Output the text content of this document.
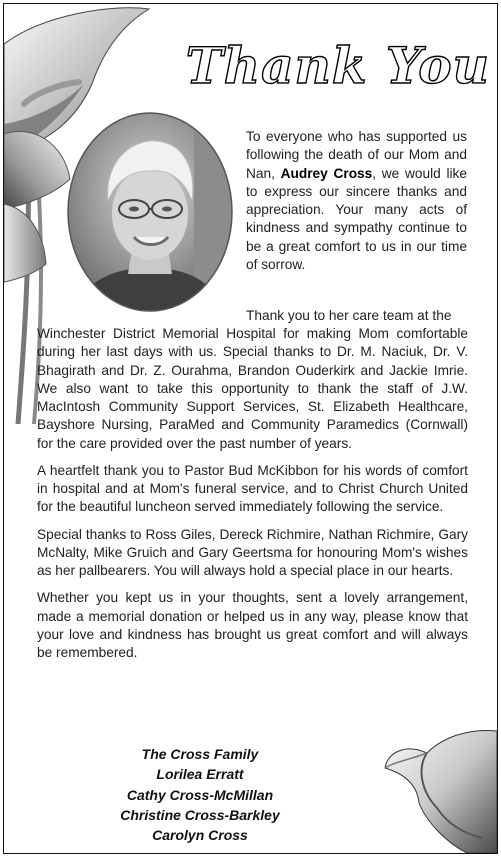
Thank You
To everyone who has supported us following the death of our Mom and Nan, Audrey Cross, we would like to express our sincere thanks and appreciation. Your many acts of kindness and sympathy continue to be a great comfort to us in our time of sorrow.
Thank you to her care team at the

Winchester District Memorial Hospital for making Mom comfortable during her last days with us. Special thanks to Dr. M. Naciuk, Dr. V. Bhagirath and Dr. Z. Ourahma, Brandon Ouderkirk and Jackie Imrie. We also want to take this opportunity to thank the staff of J.W. MacIntosh Community Support Services, St. Elizabeth Healthcare, Bayshore Nursing, ParaMed and Community Paramedics (Cornwall) for the care provided over the past number of years.

A heartfelt thank you to Pastor Bud McKibbon for his words of comfort in hospital and at Mom's funeral service, and to Christ Church United for the beautiful luncheon served immediately following the service.

Special thanks to Ross Giles, Dereck Richmire, Nathan Richmire, Gary McNalty, Mike Gruich and Gary Geertsma for honouring Mom's wishes as her pallbearers. You will always hold a special place in our hearts.

Whether you kept us in your thoughts, sent a lovely arrangement, made a memorial donation or helped us in any way, please know that your love and kindness has brought us great comfort and will always be remembered.

The Cross Family
Lorilea Erratt
Cathy Cross-McMillan
Christine Cross-Barkley
Carolyn Cross
